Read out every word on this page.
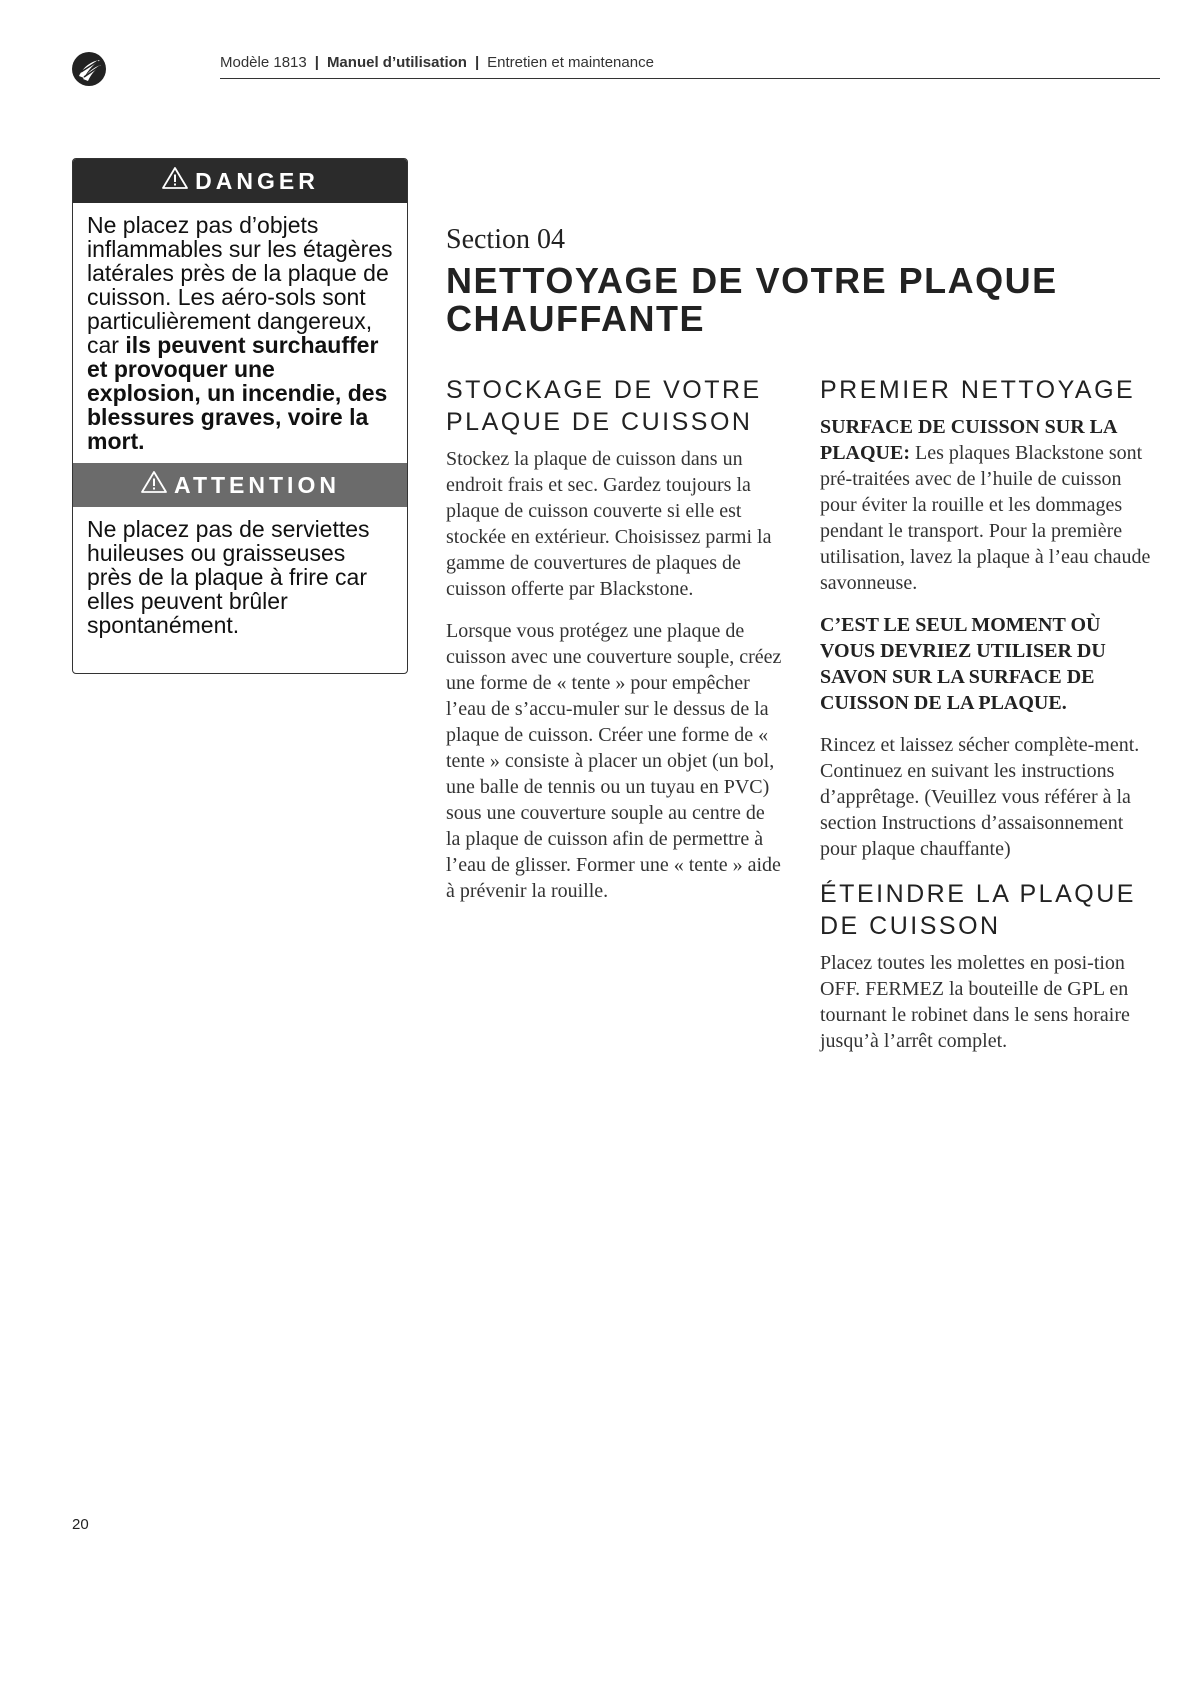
Modèle 1813 | Manuel d’utilisation | Entretien et maintenance
DANGER
Ne placez pas d’objets inflammables sur les étagères latérales près de la plaque de cuisson. Les aéro-sols sont particulièrement dangereux, car ils peuvent surchauffer et provoquer une explosion, un incendie, des blessures graves, voire la mort.
ATTENTION
Ne placez pas de serviettes huileuses ou graisseuses près de la plaque à frire car elles peuvent brûler spontanément.
Section 04
NETTOYAGE DE VOTRE PLAQUE CHAUFFANTE
STOCKAGE DE VOTRE PLAQUE DE CUISSON

Stockez la plaque de cuisson dans un endroit frais et sec. Gardez toujours la plaque de cuisson couverte si elle est stockée en extérieur. Choisissez parmi la gamme de couvertures de plaques de cuisson offerte par Blackstone.

Lorsque vous protégez une plaque de cuisson avec une couverture souple, créez une forme de « tente » pour empêcher l’eau de s’accu-muler sur le dessus de la plaque de cuisson. Créer une forme de « tente » consiste à placer un objet (un bol, une balle de tennis ou un tuyau en PVC) sous une couverture souple au centre de la plaque de cuisson afin de permettre à l’eau de glisser. Former une « tente » aide à prévenir la rouille.

PREMIER NETTOYAGE

SURFACE DE CUISSON SUR LA PLAQUE: Les plaques Blackstone sont pré-traitées avec de l’huile de cuisson pour éviter la rouille et les dommages pendant le transport. Pour la première utilisation, lavez la plaque à l’eau chaude savonneuse.

C’EST LE SEUL MOMENT OÙ VOUS DEVRIEZ UTILISER DU SAVON SUR LA SURFACE DE CUISSON DE LA PLAQUE.

Rincez et laissez sécher complète-ment. Continuez en suivant les instructions d’apprêtage. (Veuillez vous référer à la section Instructions d’assaisonnement pour plaque chauffante)

ÉTEINDRE LA PLAQUE DE CUISSON

Placez toutes les molettes en posi-tion OFF. FERMEZ la bouteille de GPL en tournant le robinet dans le sens horaire jusqu’à l’arrêt complet.

20
